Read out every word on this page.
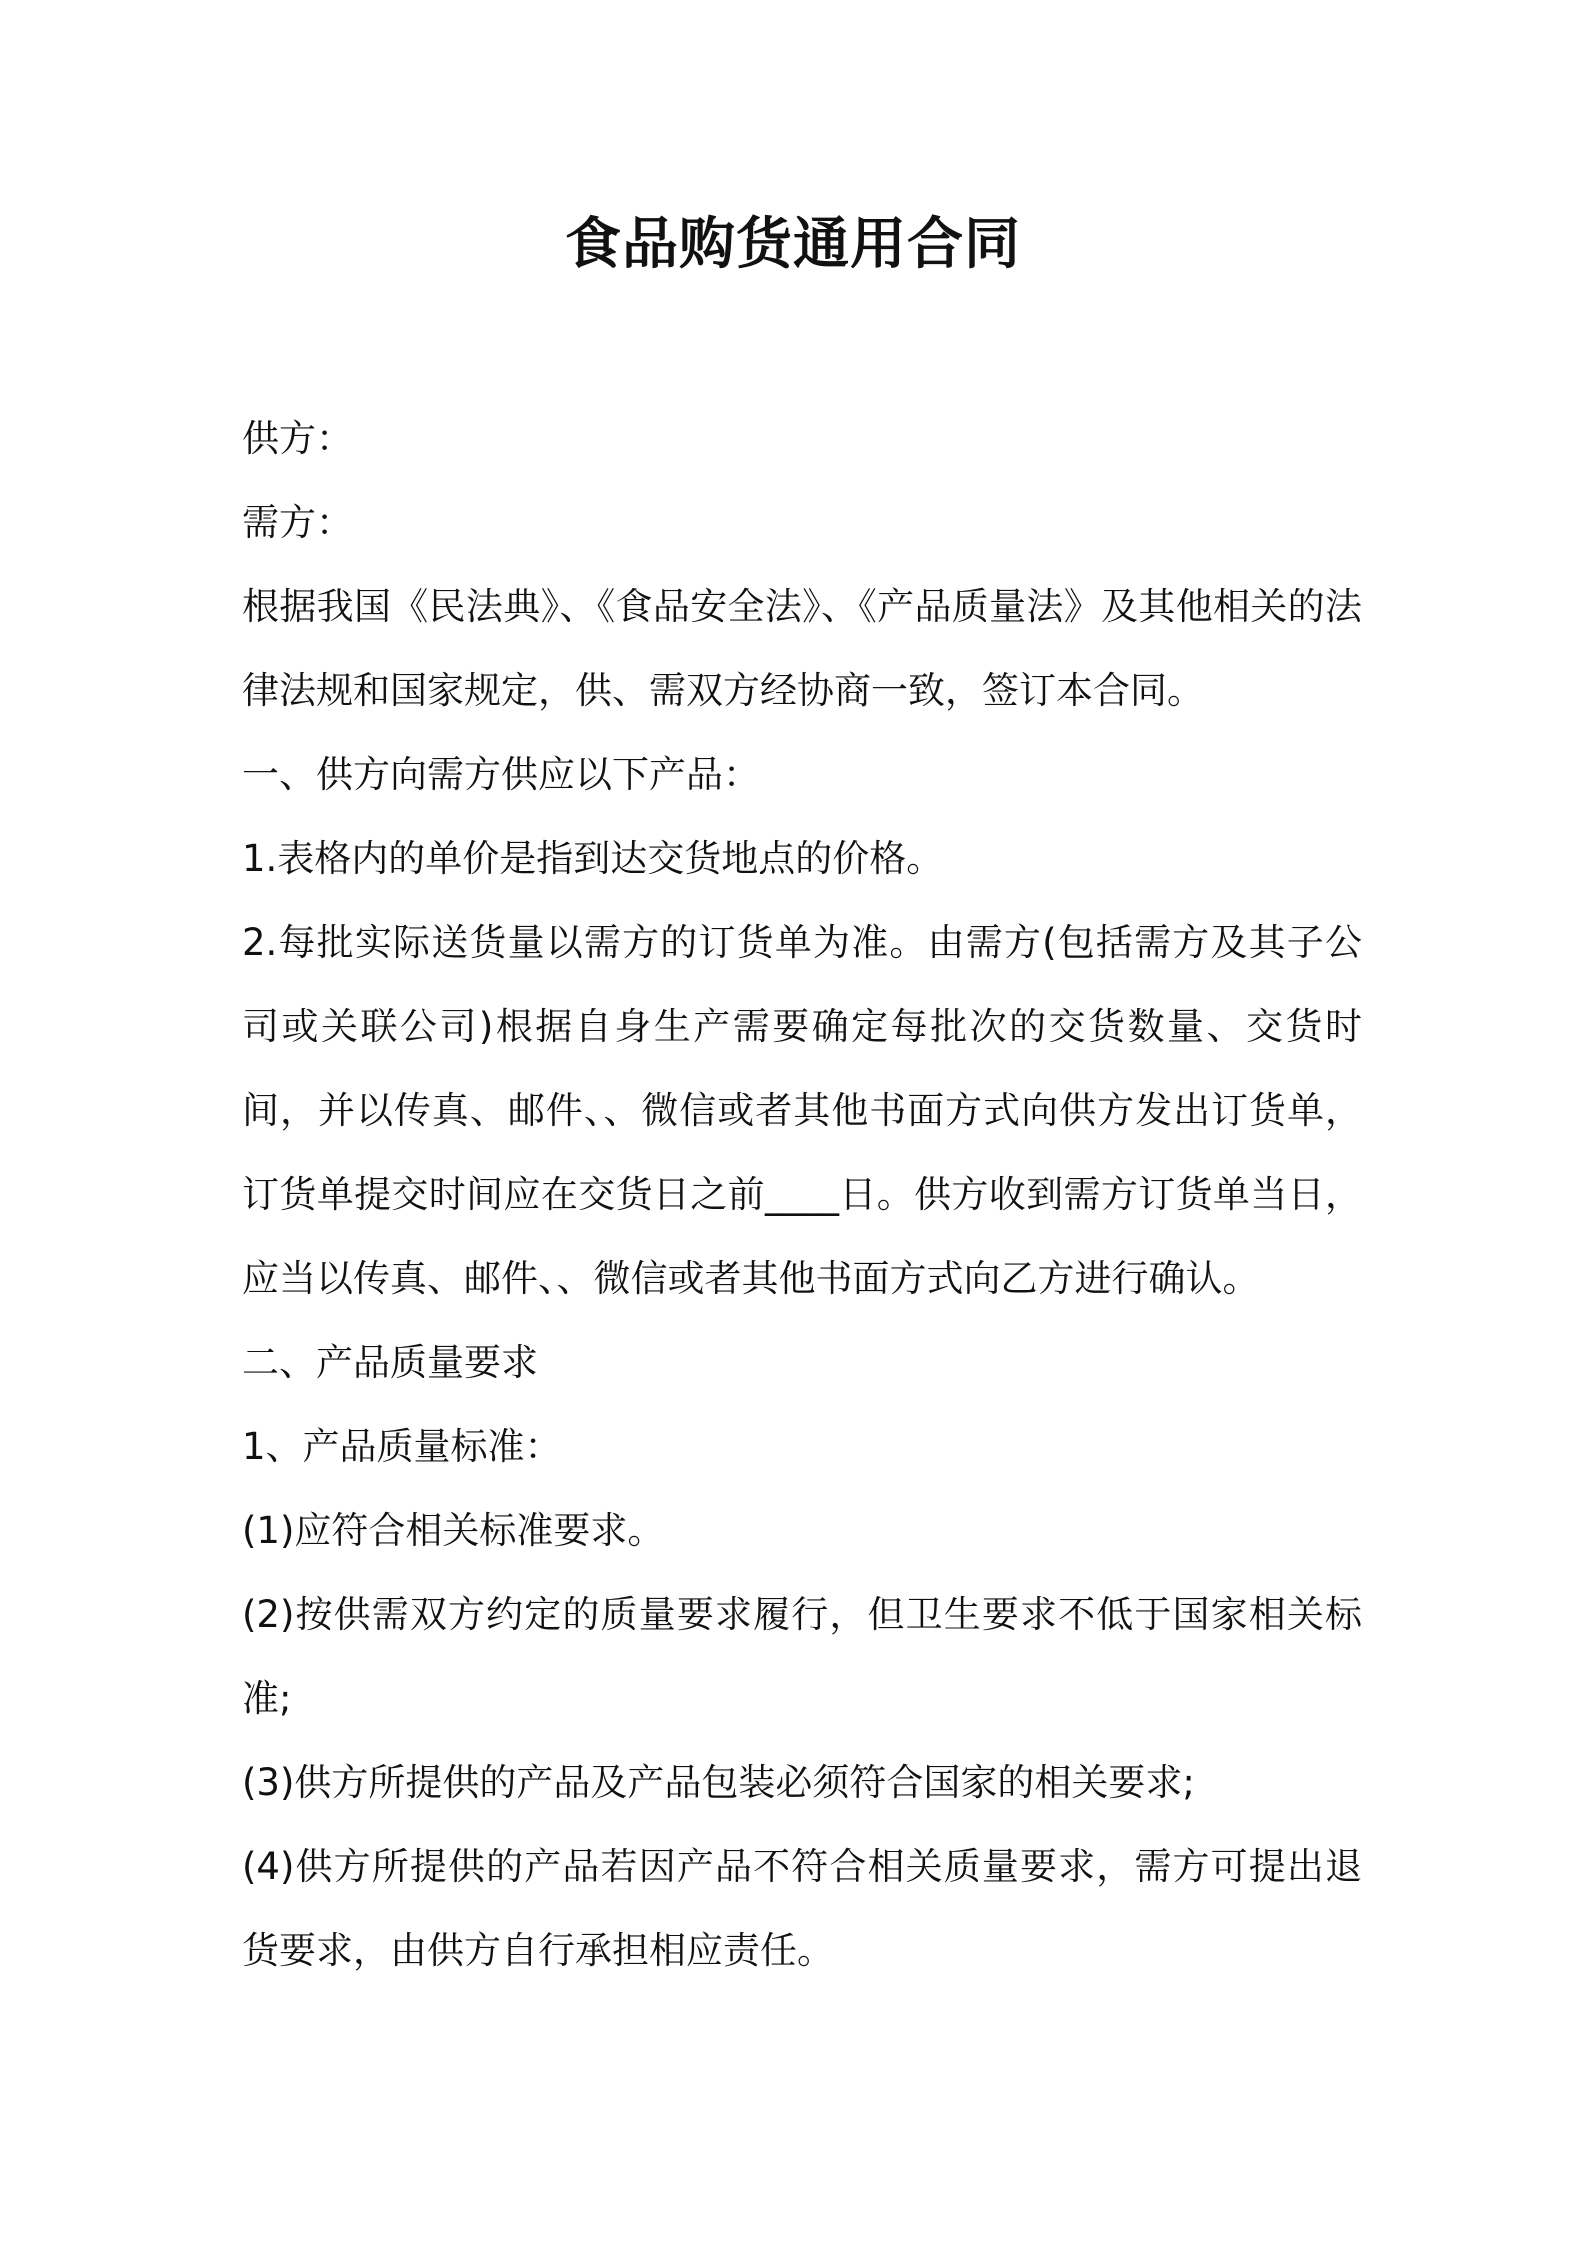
食品购货通用合同

供方：

需方：

根据我国《民法典》、《食品安全法》、《产品质量法》及其他相关的法律法规和国家规定，供、需双方经协商一致，签订本合同。

一、供方向需方供应以下产品：

1.表格内的单价是指到达交货地点的价格。

2.每批实际送货量以需方的订货单为准。由需方(包括需方及其子公司或关联公司)根据自身生产需要确定每批次的交货数量、交货时间，并以传真、邮件、、微信或者其他书面方式向供方发出订货单，订货单提交时间应在交货日之前____日。供方收到需方订货单当日，应当以传真、邮件、、微信或者其他书面方式向乙方进行确认。

二、产品质量要求

1、产品质量标准：

(1)应符合相关标准要求。

(2)按供需双方约定的质量要求履行，但卫生要求不低于国家相关标准;

(3)供方所提供的产品及产品包装必须符合国家的相关要求;

(4)供方所提供的产品若因产品不符合相关质量要求，需方可提出退货要求，由供方自行承担相应责任。
